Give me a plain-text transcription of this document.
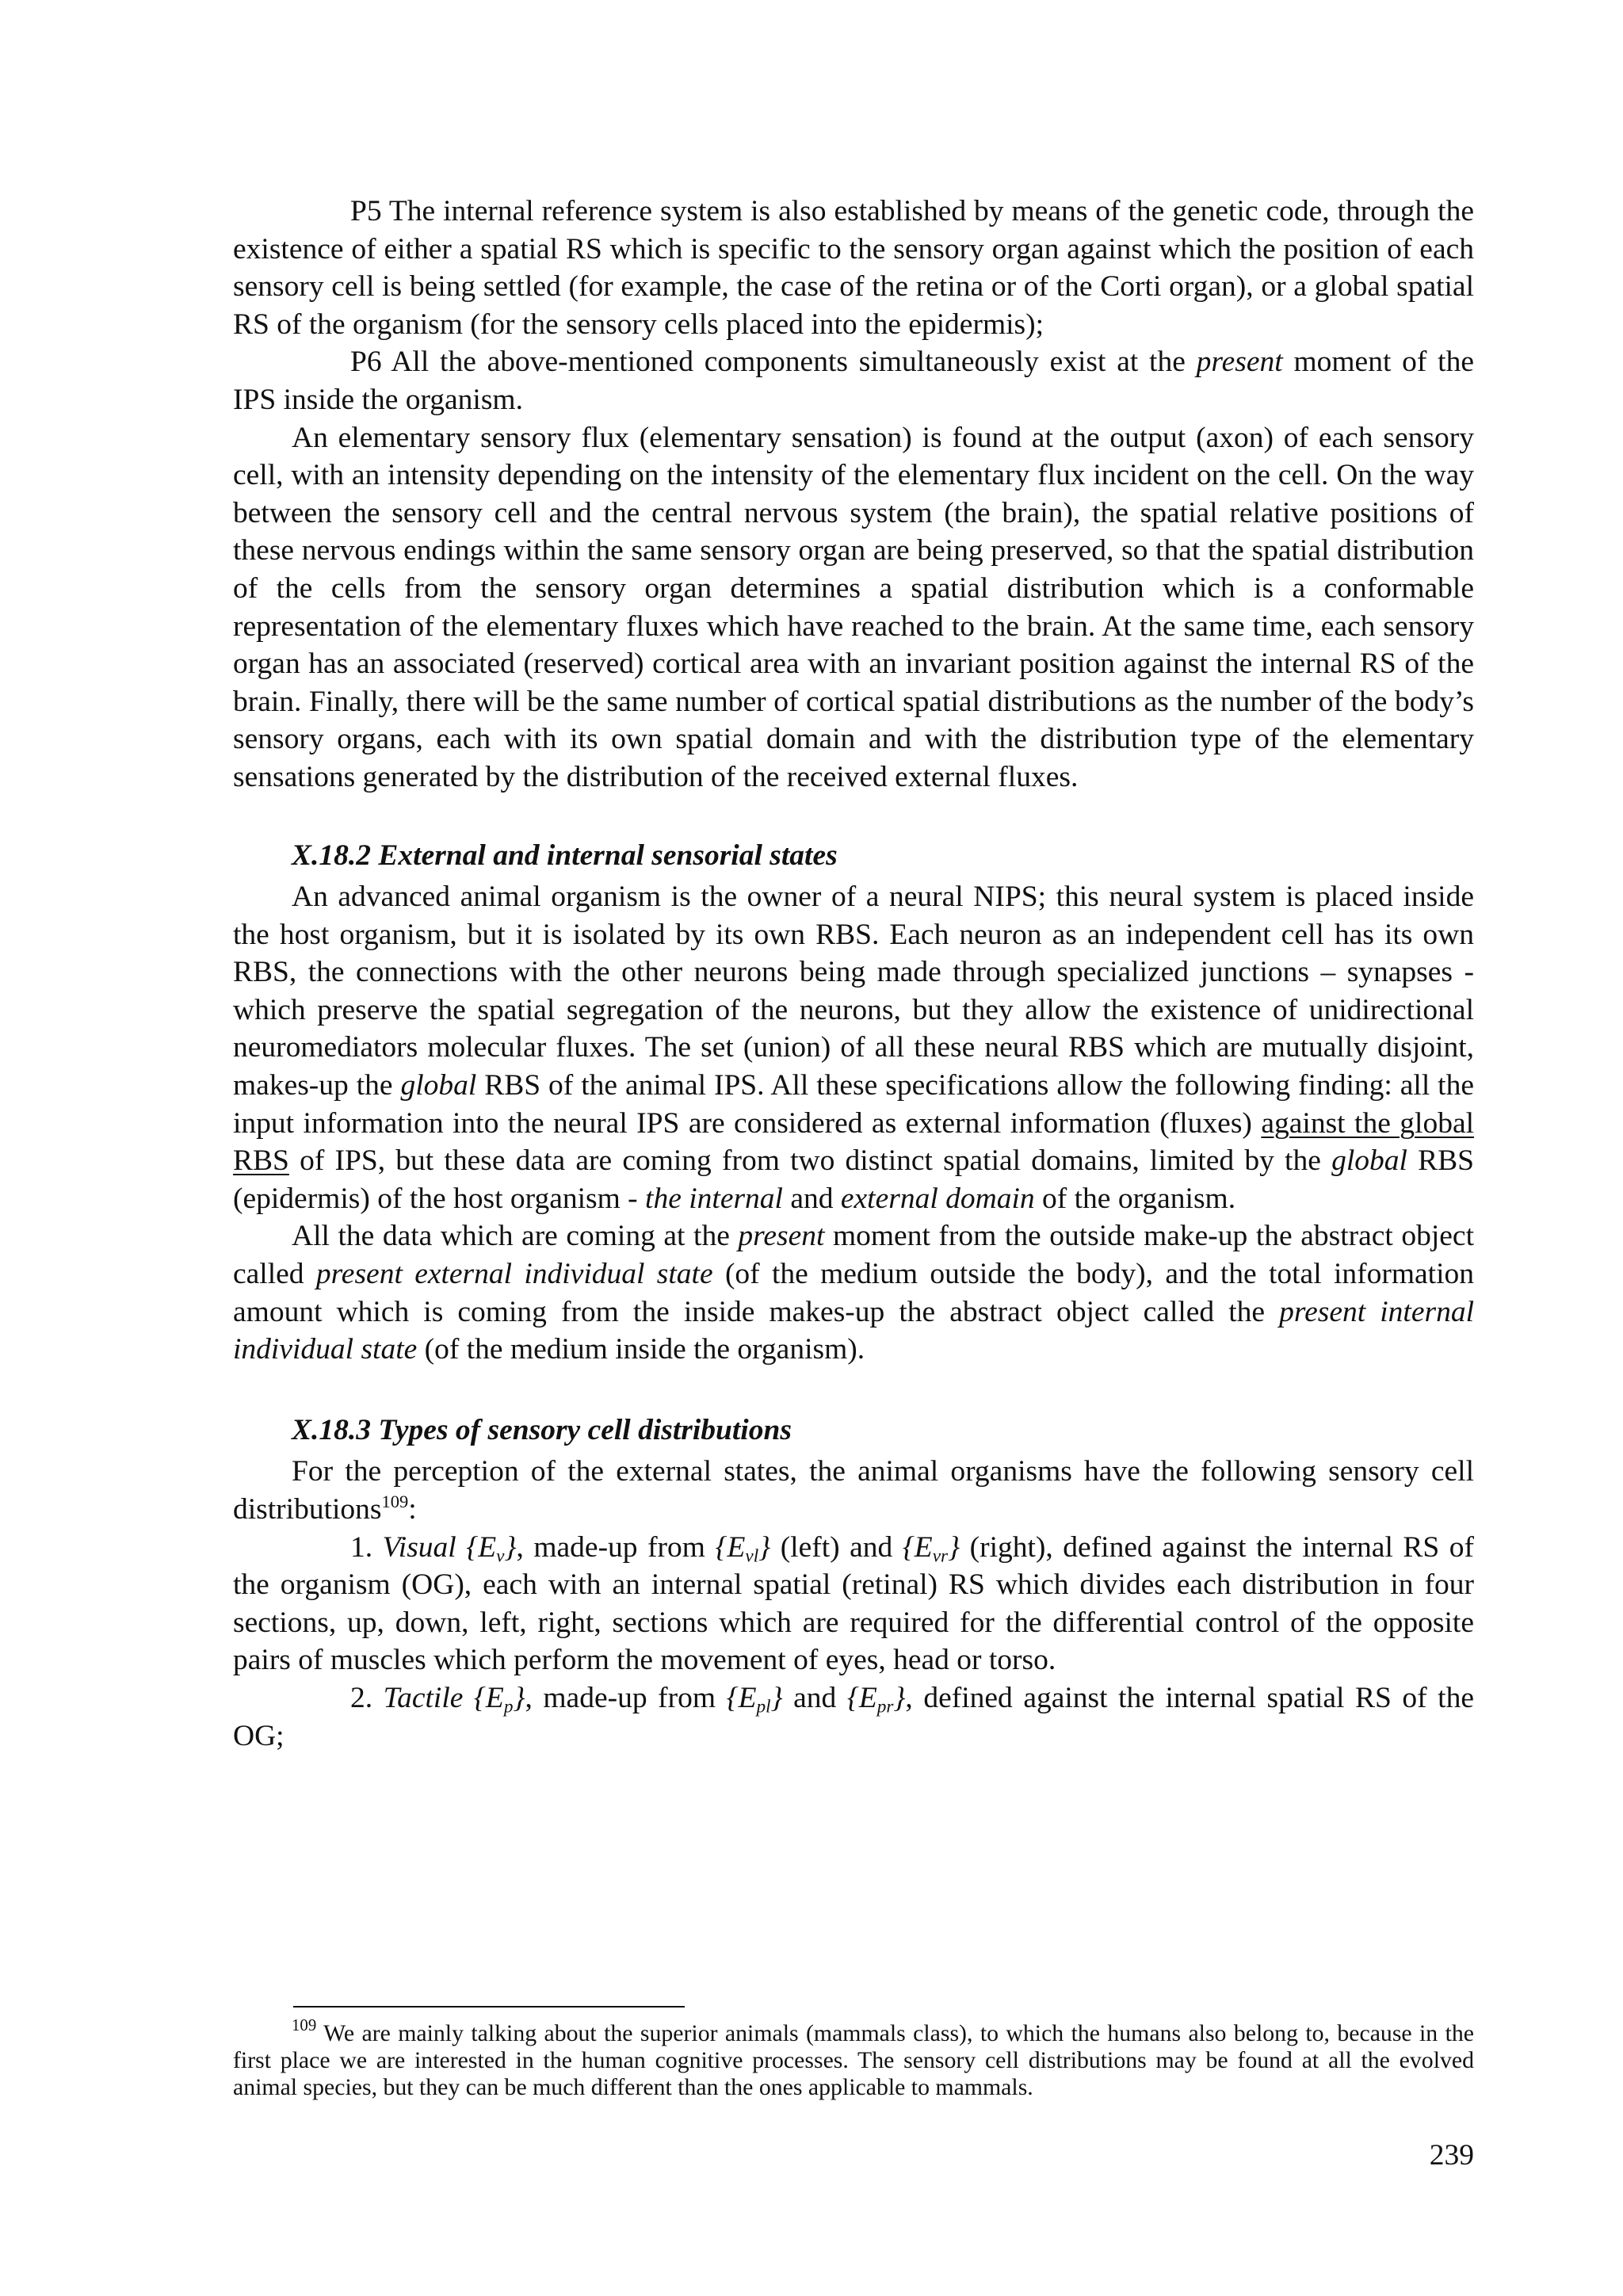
P5 The internal reference system is also established by means of the genetic code, through the existence of either a spatial RS which is specific to the sensory organ against which the position of each sensory cell is being settled (for example, the case of the retina or of the Corti organ), or a global spatial RS of the organism (for the sensory cells placed into the epidermis);

P6 All the above-mentioned components simultaneously exist at the present moment of the IPS inside the organism.

An elementary sensory flux (elementary sensation) is found at the output (axon) of each sensory cell, with an intensity depending on the intensity of the elementary flux incident on the cell. On the way between the sensory cell and the central nervous system (the brain), the spatial relative positions of these nervous endings within the same sensory organ are being preserved, so that the spatial distribution of the cells from the sensory organ determines a spatial distribution which is a conformable representation of the elementary fluxes which have reached to the brain. At the same time, each sensory organ has an associated (reserved) cortical area with an invariant position against the internal RS of the brain. Finally, there will be the same number of cortical spatial distributions as the number of the body’s sensory organs, each with its own spatial domain and with the distribution type of the elementary sensations generated by the distribution of the received external fluxes.

X.18.2 External and internal sensorial states

An advanced animal organism is the owner of a neural NIPS; this neural system is placed inside the host organism, but it is isolated by its own RBS. Each neuron as an independent cell has its own RBS, the connections with the other neurons being made through specialized junctions – synapses - which preserve the spatial segregation of the neurons, but they allow the existence of unidirectional neuromediators molecular fluxes. The set (union) of all these neural RBS which are mutually disjoint, makes-up the global RBS of the animal IPS. All these specifications allow the following finding: all the input information into the neural IPS are considered as external information (fluxes) against the global RBS of IPS, but these data are coming from two distinct spatial domains, limited by the global RBS (epidermis) of the host organism - the internal and external domain of the organism.

All the data which are coming at the present moment from the outside make-up the abstract object called present external individual state (of the medium outside the body), and the total information amount which is coming from the inside makes-up the abstract object called the present internal individual state (of the medium inside the organism).

X.18.3 Types of sensory cell distributions

For the perception of the external states, the animal organisms have the following sensory cell distributions$^{109}$:

1. Visual $\{E_v\}$, made-up from $\{E_{vl}\}$ (left) and $\{E_{vr}\}$ (right), defined against the internal RS of the organism (OG), each with an internal spatial (retinal) RS which divides each distribution in four sections, up, down, left, right, sections which are required for the differential control of the opposite pairs of muscles which perform the movement of eyes, head or torso.

2. Tactile $\{E_p\}$, made-up from $\{E_{pl}\}$ and $\{E_{pr}\}$, defined against the internal spatial RS of the OG;

$^{109}$ We are mainly talking about the superior animals (mammals class), to which the humans also belong to, because in the first place we are interested in the human cognitive processes. The sensory cell distributions may be found at all the evolved animal species, but they can be much different than the ones applicable to mammals.

239
